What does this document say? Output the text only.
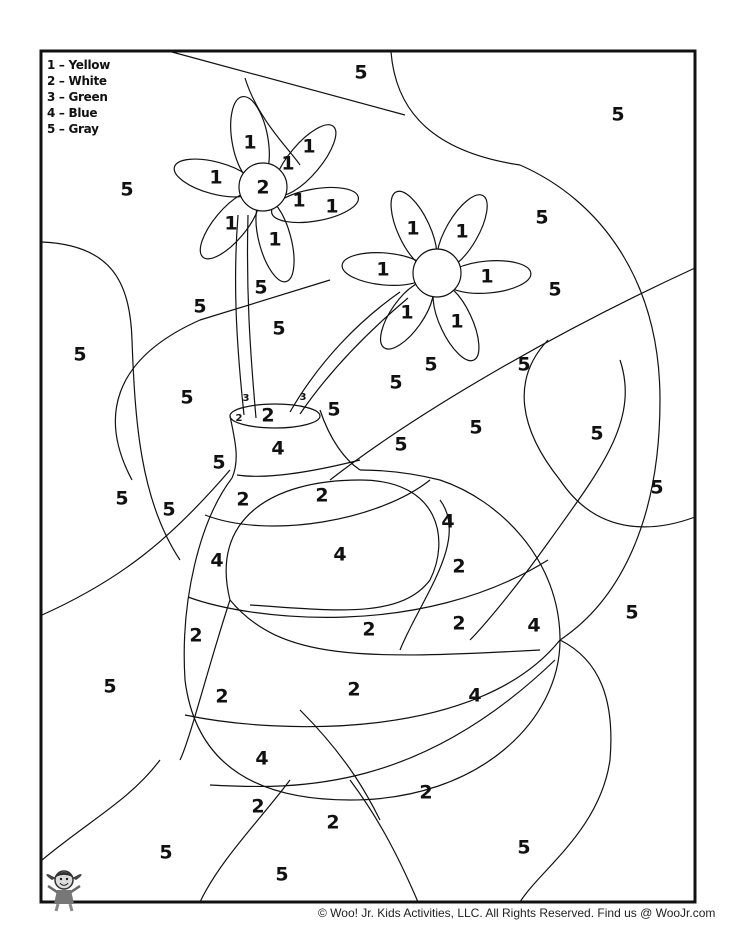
1 – Yellow
2 – White
3 – Green
4 – Blue
5 – Gray
5
5
5
1 1
1
1 2
1 1
1
1	1 1
1	1
1 1
5
5
5
5
5
5	5	5
5
5
5
5
5	5
5
5
5 5
3	3
2 2
4
2	2
4
4	4
2
5
2	2	2	4
5	2	2	4
4
2
2
2
5	5
5
© Woo! Jr. Kids Activities, LLC. All Rights Reserved. Find us @ WooJr.com
